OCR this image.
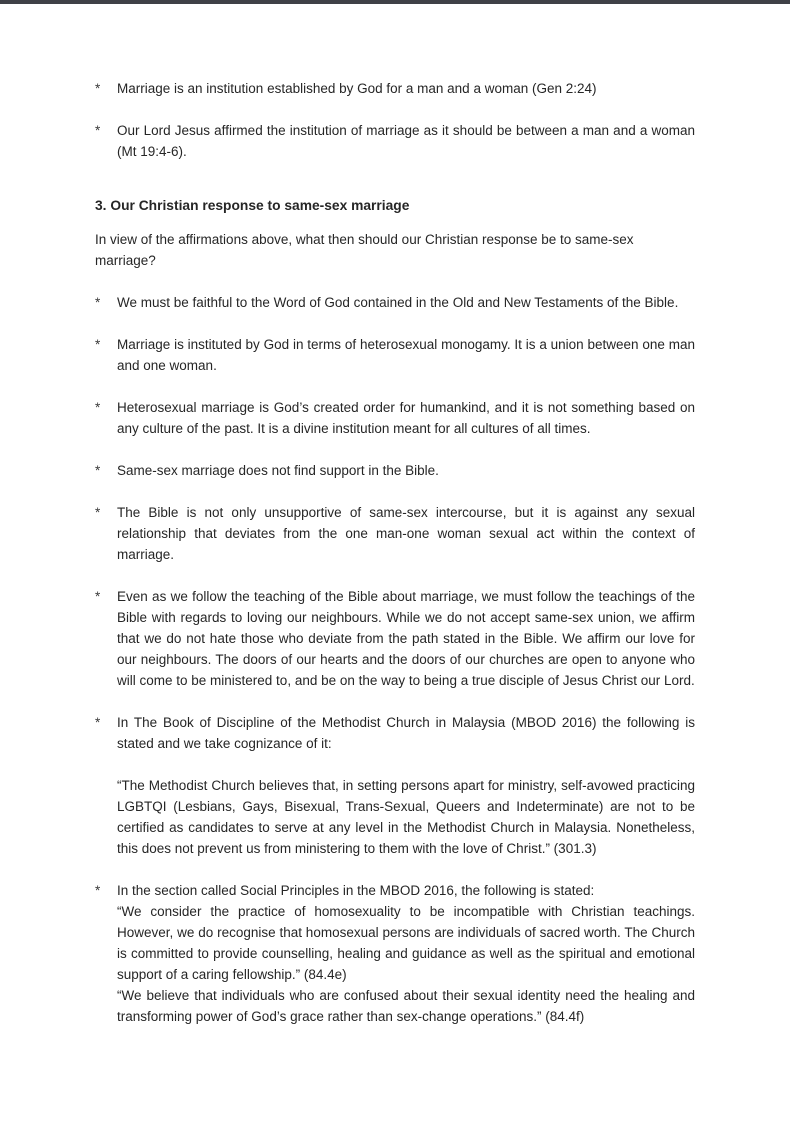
*	Marriage is an institution established by God for a man and a woman (Gen 2:24)
*	Our Lord Jesus affirmed the institution of marriage as it should be between a man and a woman (Mt 19:4-6).
3. Our Christian response to same-sex marriage
In view of the affirmations above, what then should our Christian response be to same-sex marriage?
*	We must be faithful to the Word of God contained in the Old and New Testaments of the Bible.
*	Marriage is instituted by God in terms of heterosexual monogamy. It is a union between one man and one woman.
*	Heterosexual marriage is God’s created order for humankind, and it is not something based on any culture of the past. It is a divine institution meant for all cultures of all times.
*	Same-sex marriage does not find support in the Bible.
*	The Bible is not only unsupportive of same-sex intercourse, but it is against any sexual relationship that deviates from the one man-one woman sexual act within the context of marriage.
*	Even as we follow the teaching of the Bible about marriage, we must follow the teachings of the Bible with regards to loving our neighbours. While we do not accept same-sex union, we affirm that we do not hate those who deviate from the path stated in the Bible. We affirm our love for our neighbours. The doors of our hearts and the doors of our churches are open to anyone who will come to be ministered to, and be on the way to being a true disciple of Jesus Christ our Lord.
*	In The Book of Discipline of the Methodist Church in Malaysia (MBOD 2016) the following is stated and we take cognizance of it:
“The Methodist Church believes that, in setting persons apart for ministry, self-avowed practicing LGBTQI (Lesbians, Gays, Bisexual, Trans-Sexual, Queers and Indeterminate) are not to be certified as candidates to serve at any level in the Methodist Church in Malaysia. Nonetheless, this does not prevent us from ministering to them with the love of Christ.” (301.3)
*	In the section called Social Principles in the MBOD 2016, the following is stated:

“We consider the practice of homosexuality to be incompatible with Christian teachings. However, we do recognise that homosexual persons are individuals of sacred worth. The Church is committed to provide counselling, healing and guidance as well as the spiritual and emotional support of a caring fellowship.” (84.4e)

“We believe that individuals who are confused about their sexual identity need the healing and transforming power of God’s grace rather than sex-change operations.” (84.4f)
